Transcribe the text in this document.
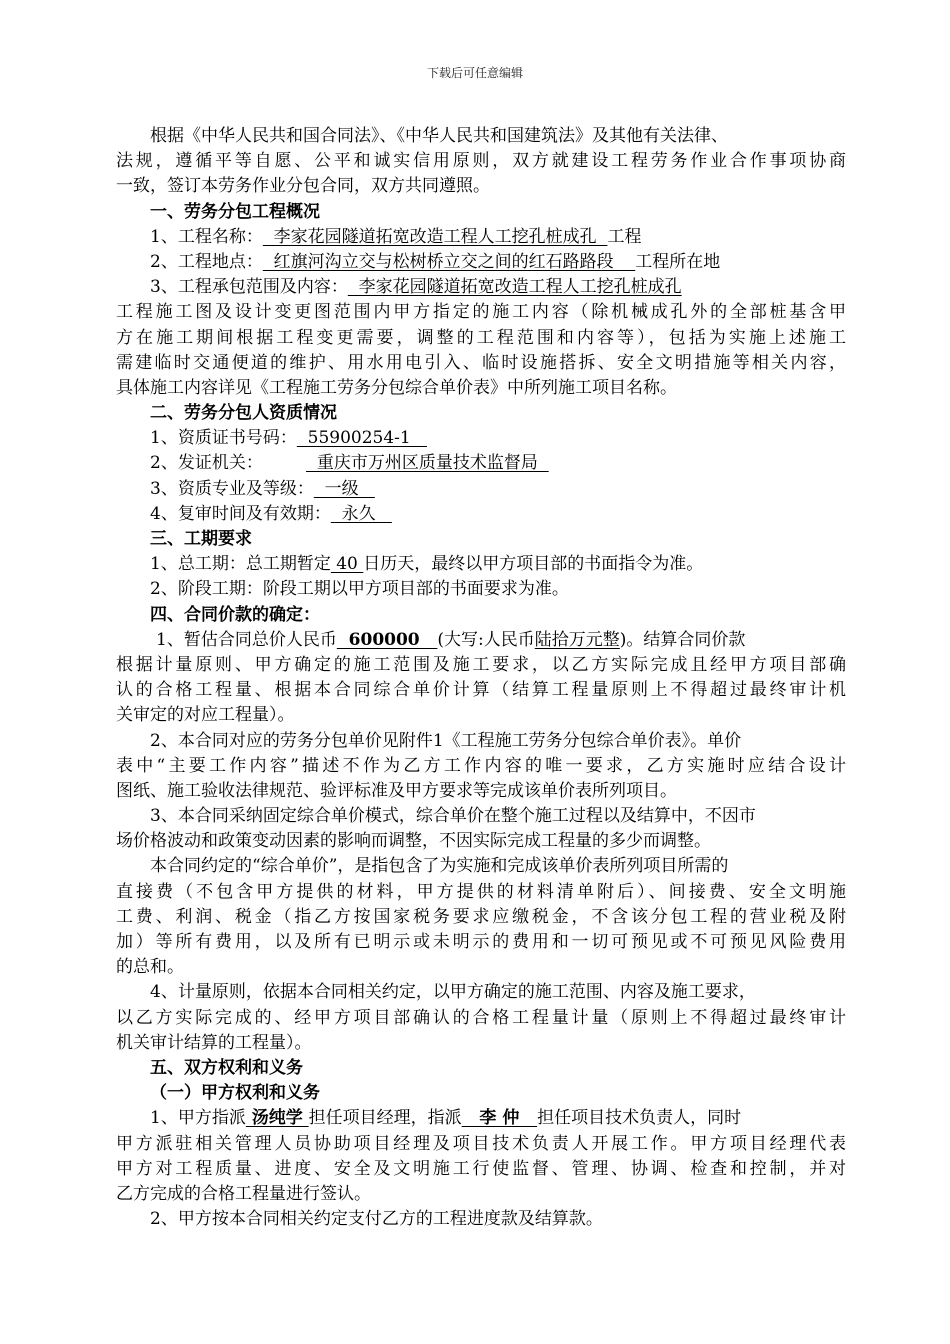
下载后可任意编辑
根据《中华人民共和国合同法》、《中华人民共和国建筑法》及其他有关法律、
法规，遵循平等自愿、公平和诚实信用原则，双方就建设工程劳务作业合作事项协商
一致，签订本劳务作业分包合同，双方共同遵照。
一、劳务分包工程概况
1、工程名称：  李家花园隧道拓宽改造工程人工挖孔桩成孔  工程
2、工程地点：  红旗河沟立交与松树桥立交之间的红石路路段    工程所在地
3、工程承包范围及内容：  李家花园隧道拓宽改造工程人工挖孔桩成孔
工程施工图及设计变更图范围内甲方指定的施工内容（除机械成孔外的全部桩基含甲
方在施工期间根据工程变更需要，调整的工程范围和内容等），包括为实施上述施工
需建临时交通便道的维护、用水用电引入、临时设施搭拆、安全文明措施等相关内容，
具体施工内容详见《工程施工劳务分包综合单价表》中所列施工项目名称。
二、劳务分包人资质情况
1、资质证书号码：  55900254-1
2、发证机关：          重庆市万州区质量技术监督局
3、资质专业及等级：  一级
4、复审时间及有效期：  永久
三、工期要求
1、总工期：总工期暂定 40 日历天，最终以甲方项目部的书面指令为准。
2、阶段工期：阶段工期以甲方项目部的书面要求为准。
四、合同价款的确定：
1、暂估合同总价人民币  600000   (大写:人民币陆拾万元整)。结算合同价款
根据计量原则、甲方确定的施工范围及施工要求，以乙方实际完成且经甲方项目部确
认的合格工程量、根据本合同综合单价计算（结算工程量原则上不得超过最终审计机
关审定的对应工程量）。
2、本合同对应的劳务分包单价见附件1《工程施工劳务分包综合单价表》。单价
表中“主要工作内容”描述不作为乙方工作内容的唯一要求，乙方实施时应结合设计
图纸、施工验收法律规范、验评标准及甲方要求等完成该单价表所列项目。
3、本合同采纳固定综合单价模式，综合单价在整个施工过程以及结算中，不因市
场价格波动和政策变动因素的影响而调整，不因实际完成工程量的多少而调整。
本合同约定的“综合单价”，是指包含了为实施和完成该单价表所列项目所需的
直接费（不包含甲方提供的材料，甲方提供的材料清单附后）、间接费、安全文明施
工费、利润、税金（指乙方按国家税务要求应缴税金，不含该分包工程的营业税及附
加）等所有费用，以及所有已明示或未明示的费用和一切可预见或不可预见风险费用
的总和。
4、计量原则，依据本合同相关约定，以甲方确定的施工范围、内容及施工要求，
以乙方实际完成的、经甲方项目部确认的合格工程量计量（原则上不得超过最终审计
机关审计结算的工程量）。
五、双方权利和义务
（一）甲方权利和义务
1、甲方指派 汤纯学 担任项目经理，指派   李 仲   担任项目技术负责人，同时
甲方派驻相关管理人员协助项目经理及项目技术负责人开展工作。甲方项目经理代表
甲方对工程质量、进度、安全及文明施工行使监督、管理、协调、检查和控制，并对
乙方完成的合格工程量进行签认。
2、甲方按本合同相关约定支付乙方的工程进度款及结算款。
